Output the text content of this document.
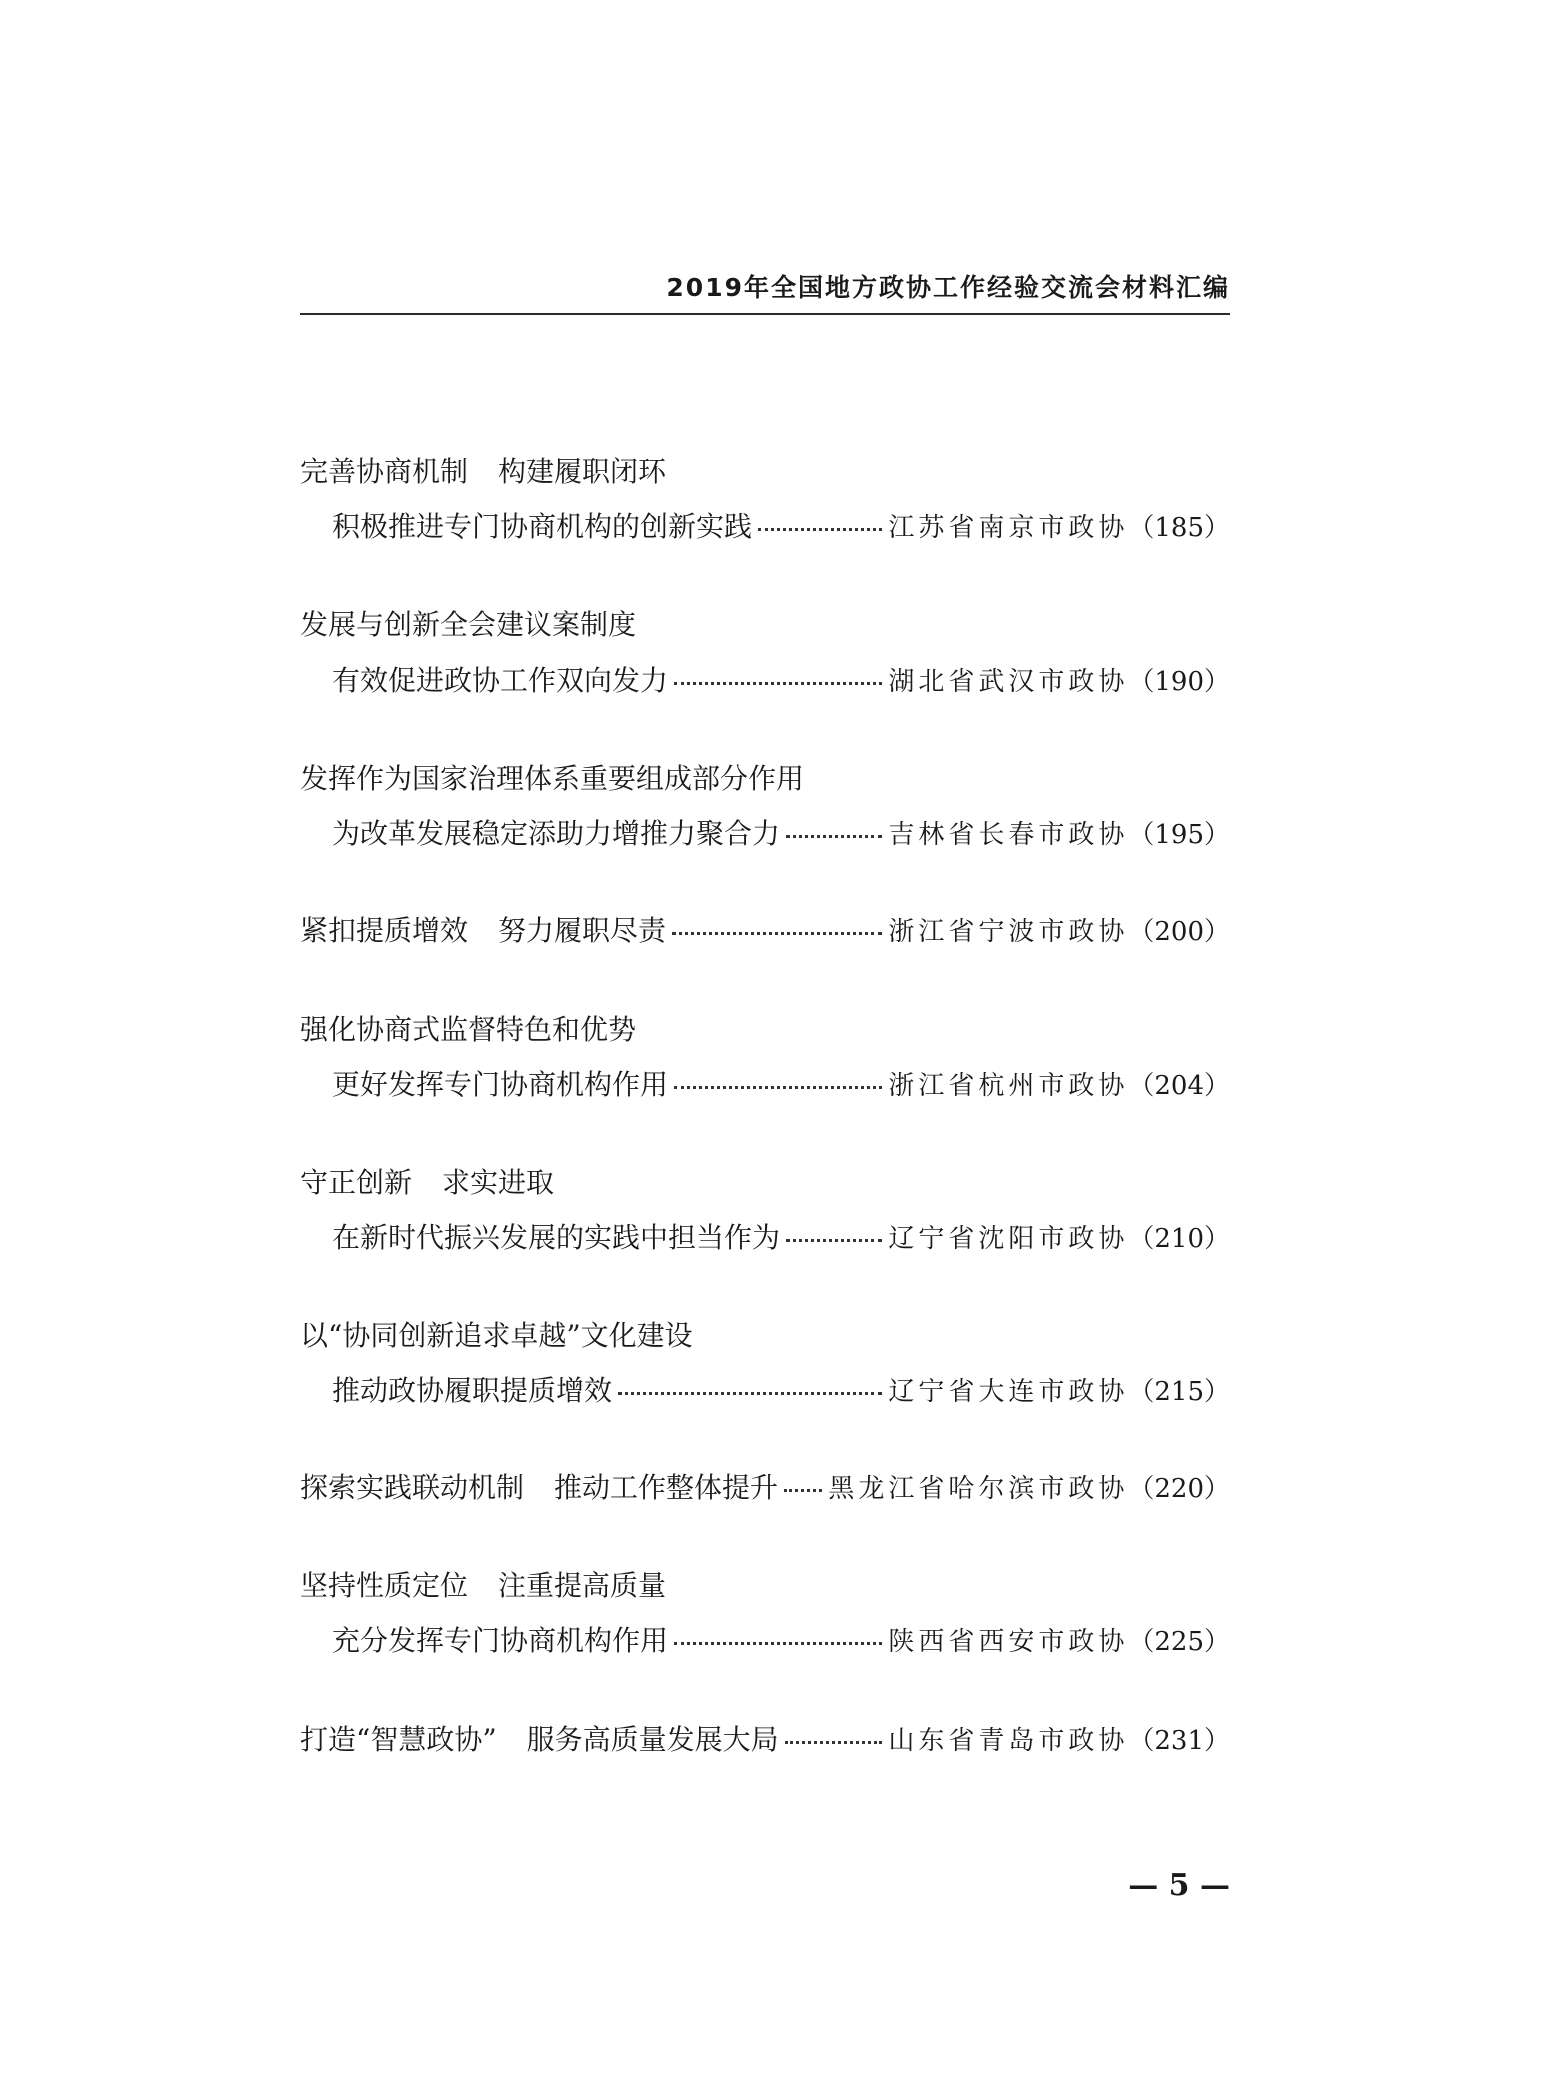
2019年全国地方政协工作经验交流会材料汇编
完善协商机制 构建履职闭环
积极推进专门协商机构的创新实践	江苏省南京市政协 （185）
发展与创新全会建议案制度
有效促进政协工作双向发力	湖北省武汉市政协 （190）
发挥作为国家治理体系重要组成部分作用
为改革发展稳定添助力增推力聚合力	吉林省长春市政协 （195）
紧扣提质增效 努力履职尽责	浙江省宁波市政协 （200）
强化协商式监督特色和优势
更好发挥专门协商机构作用	浙江省杭州市政协 （204）
守正创新 求实进取
在新时代振兴发展的实践中担当作为	辽宁省沈阳市政协 （210）
以“协同创新追求卓越”文化建设
推动政协履职提质增效	辽宁省大连市政协 （215）
探索实践联动机制 推动工作整体提升 黑龙江省哈尔滨市政协 （220）
坚持性质定位 注重提高质量
充分发挥专门协商机构作用	陕西省西安市政协 （225）
打造“智慧政协” 服务高质量发展大局	山东省青岛市政协 （231）
— 5 —
